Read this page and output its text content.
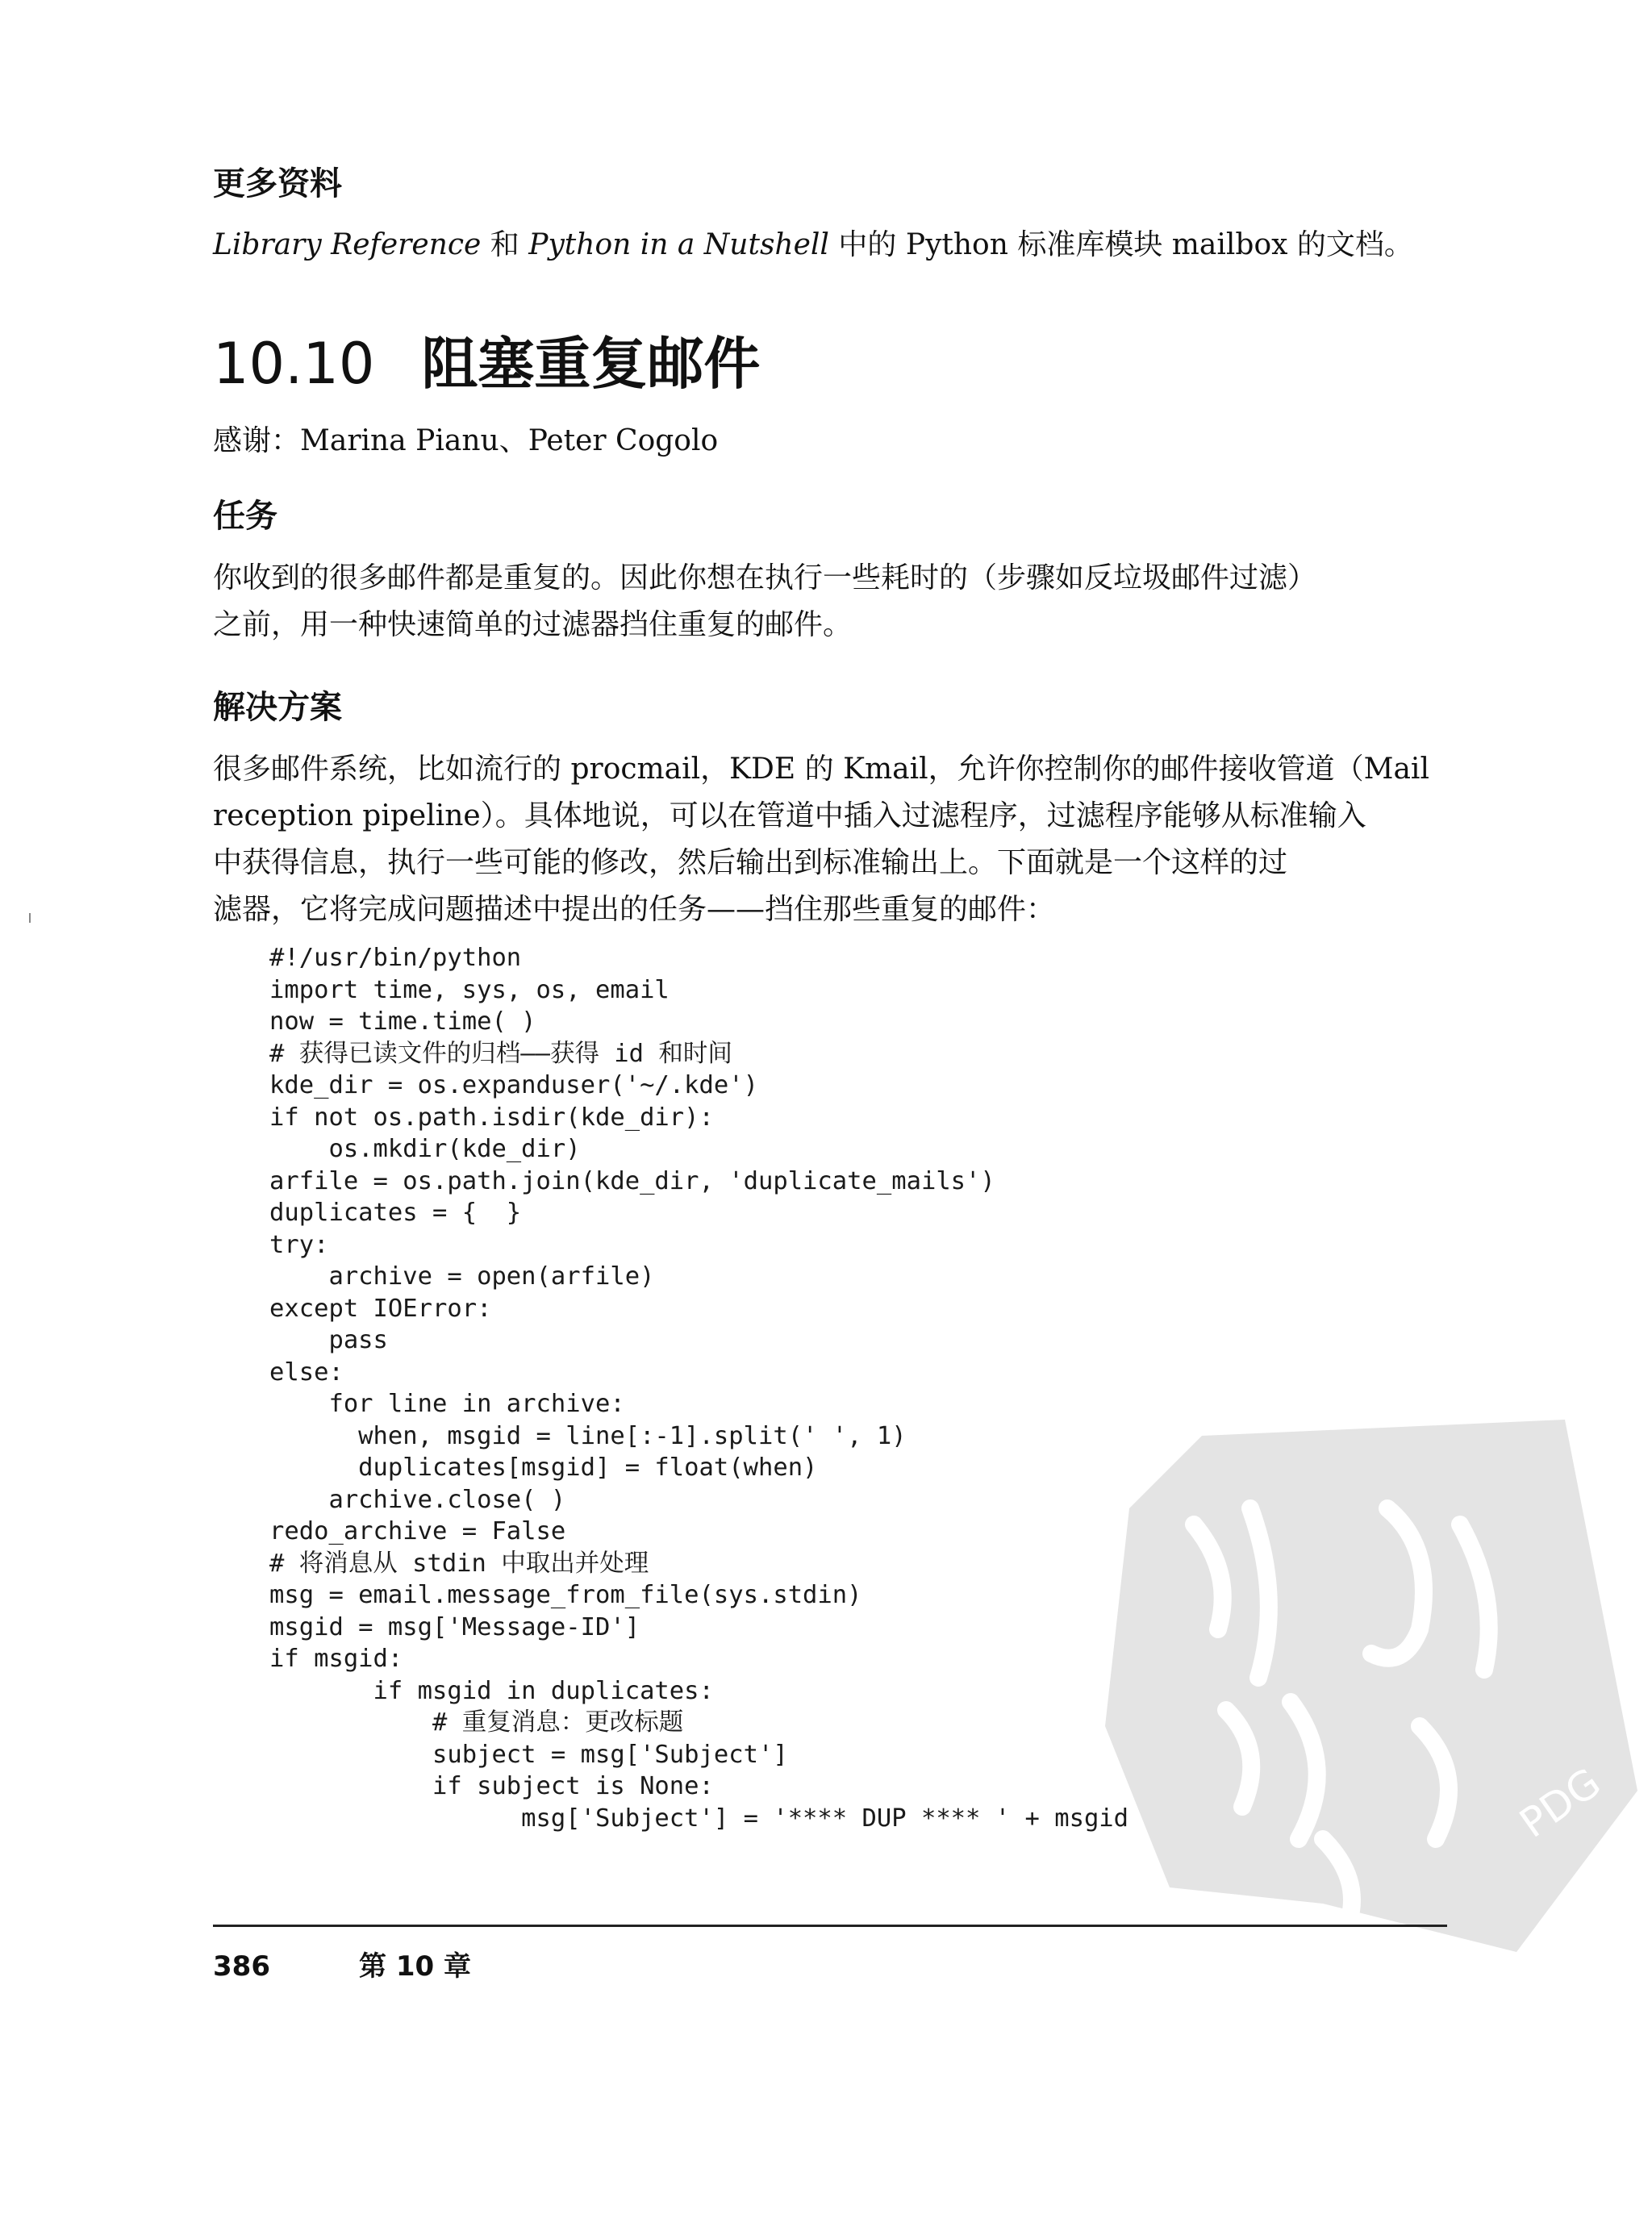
更多资料
Library Reference 和 Python in a Nutshell 中的 Python 标准库模块 mailbox 的文档。
10.10 阻塞重复邮件
感谢：Marina Pianu、Peter Cogolo
任务

你收到的很多邮件都是重复的。因此你想在执行一些耗时的（步骤如反垃圾邮件过滤）

之前，用一种快速简单的过滤器挡住重复的邮件。

解决方案

很多邮件系统，比如流行的 procmail，KDE 的 Kmail，允许你控制你的邮件接收管道（Mail

reception pipeline）。具体地说，可以在管道中插入过滤程序，过滤程序能够从标准输入

中获得信息，执行一些可能的修改，然后输出到标准输出上。下面就是一个这样的过

滤器，它将完成问题描述中提出的任务——挡住那些重复的邮件：

#!/usr/bin/python
import time, sys, os, email
now = time.time( )
# 获得已读文件的归档——获得 id 和时间
kde_dir = os.expanduser('~/.kde')
if not os.path.isdir(kde_dir):
os.mkdir(kde_dir)
arfile = os.path.join(kde_dir, 'duplicate_mails')
duplicates = {  }
try:
archive = open(arfile)
except IOError:
pass
else:
for line in archive:
when, msgid = line[:-1].split(' ', 1)
duplicates[msgid] = float(when)
archive.close( )
redo_archive = False
# 将消息从 stdin 中取出并处理
msg = email.message_from_file(sys.stdin)
msgid = msg['Message-ID']
if msgid:
if msgid in duplicates:
# 重复消息：更改标题
subject = msg['Subject']
if subject is None:
msg['Subject'] = '**** DUP **** ' + msgid	PDG
386	第 10 章
